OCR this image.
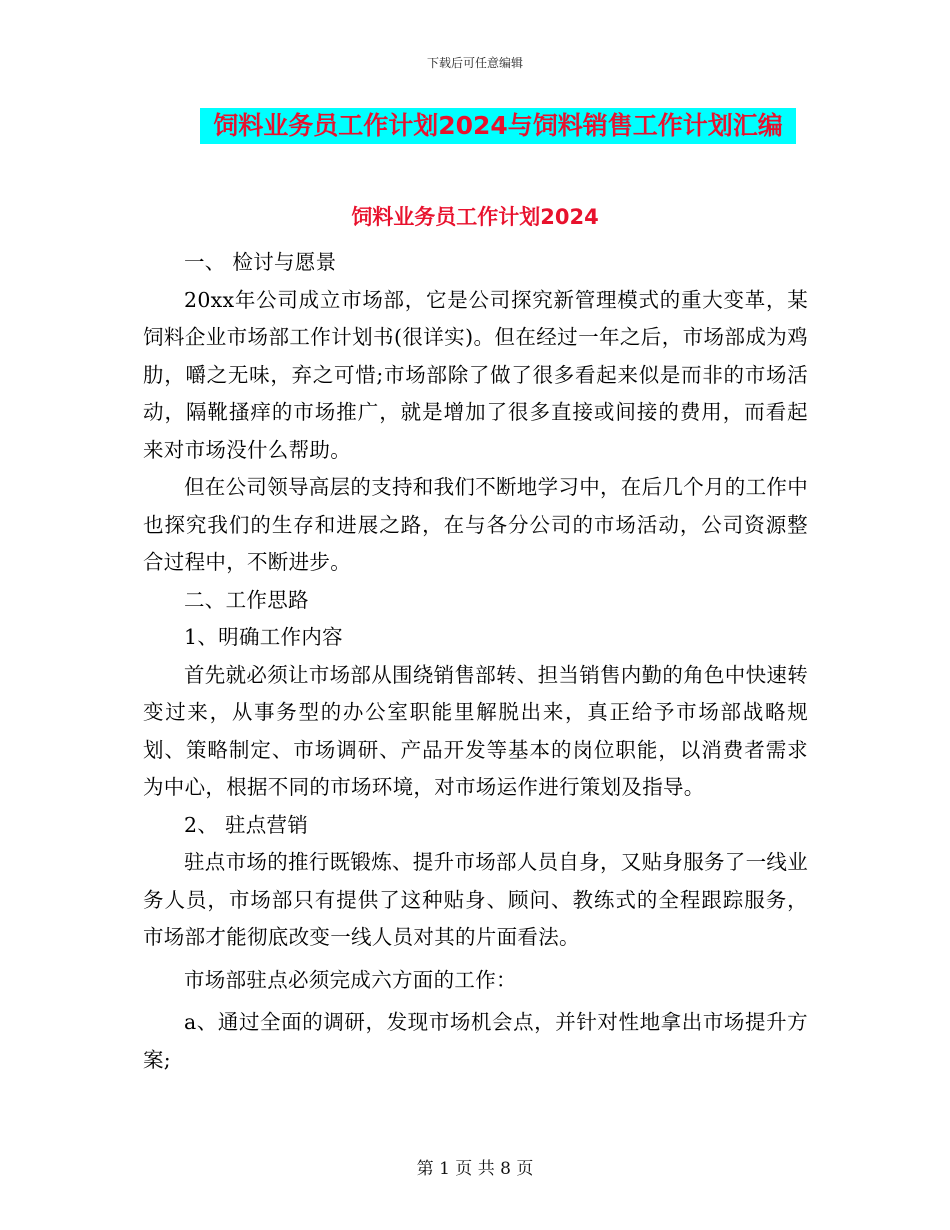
下载后可任意编辑
饲料业务员工作计划2024与饲料销售工作计划汇编
饲料业务员工作计划2024

一、 检讨与愿景

20xx年公司成立市场部，它是公司探究新管理模式的重大变革，某饲料企业市场部工作计划书(很详实)。但在经过一年之后，市场部成为鸡肋，嚼之无味，弃之可惜;市场部除了做了很多看起来似是而非的市场活动，隔靴搔痒的市场推广，就是增加了很多直接或间接的费用，而看起来对市场没什么帮助。

但在公司领导高层的支持和我们不断地学习中，在后几个月的工作中也探究我们的生存和进展之路，在与各分公司的市场活动，公司资源整合过程中，不断进步。

二、工作思路

1、明确工作内容

首先就必须让市场部从围绕销售部转、担当销售内勤的角色中快速转变过来，从事务型的办公室职能里解脱出来，真正给予市场部战略规划、策略制定、市场调研、产品开发等基本的岗位职能，以消费者需求为中心，根据不同的市场环境，对市场运作进行策划及指导。

2、 驻点营销

驻点市场的推行既锻炼、提升市场部人员自身，又贴身服务了一线业务人员，市场部只有提供了这种贴身、顾问、教练式的全程跟踪服务，市场部才能彻底改变一线人员对其的片面看法。

市场部驻点必须完成六方面的工作：

a、通过全面的调研，发现市场机会点，并针对性地拿出市场提升方案;

第 1 页 共 8 页
